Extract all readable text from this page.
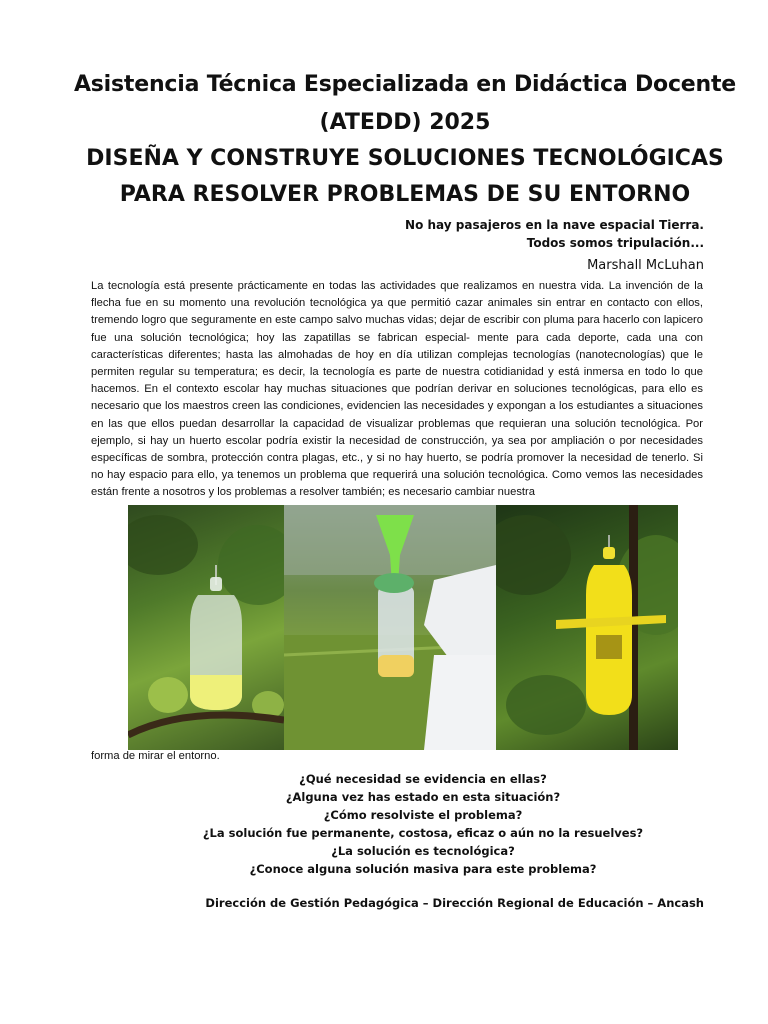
Asistencia Técnica Especializada en Didáctica Docente
(ATEDD) 2025
DISEÑA Y CONSTRUYE SOLUCIONES TECNOLÓGICAS
PARA RESOLVER PROBLEMAS DE SU ENTORNO
No hay pasajeros en la nave espacial Tierra.
Todos somos tripulación...
Marshall McLuhan
La tecnología está presente prácticamente en todas las actividades que realizamos en nuestra vida. La invención de la flecha fue en su momento una revolución tecnológica ya que permitió cazar animales sin entrar en contacto con ellos, tremendo logro que seguramente en este campo salvo muchas vidas; dejar de escribir con pluma para hacerlo con lapicero fue una solución tecnológica; hoy las zapatillas se fabrican especial- mente para cada deporte, cada una con características diferentes; hasta las almohadas de hoy en día utilizan complejas tecnologías (nanotecnologías) que le permiten regular su temperatura; es decir, la tecnología es parte de nuestra cotidianidad y está inmersa en todo lo que hacemos. En el contexto escolar hay muchas situaciones que podrían derivar en soluciones tecnológicas, para ello es necesario que los maestros creen las condiciones, evidencien las necesidades y expongan a los estudiantes a situaciones en las que ellos puedan desarrollar la capacidad de visualizar problemas que requieran una solución tecnológica. Por ejemplo, si hay un huerto escolar podría existir la necesidad de construcción, ya sea por ampliación o por necesidades específicas de sombra, protección contra plagas, etc., y si no hay huerto, se podría promover la necesidad de tenerlo. Si no hay espacio para ello, ya tenemos un problema que requerirá una solución tecnológica. Como vemos las necesidades están frente a nosotros y los problemas a resolver también; es necesario cambiar nuestra
forma de mirar el entorno.
¿Qué necesidad se evidencia en ellas?
¿Alguna vez has estado en esta situación?
¿Cómo resolviste el problema?
¿La solución fue permanente, costosa, eficaz o aún no la resuelves?
¿La solución es tecnológica?
¿Conoce alguna solución masiva para este problema?
Dirección de Gestión Pedagógica – Dirección Regional de Educación – Ancash
